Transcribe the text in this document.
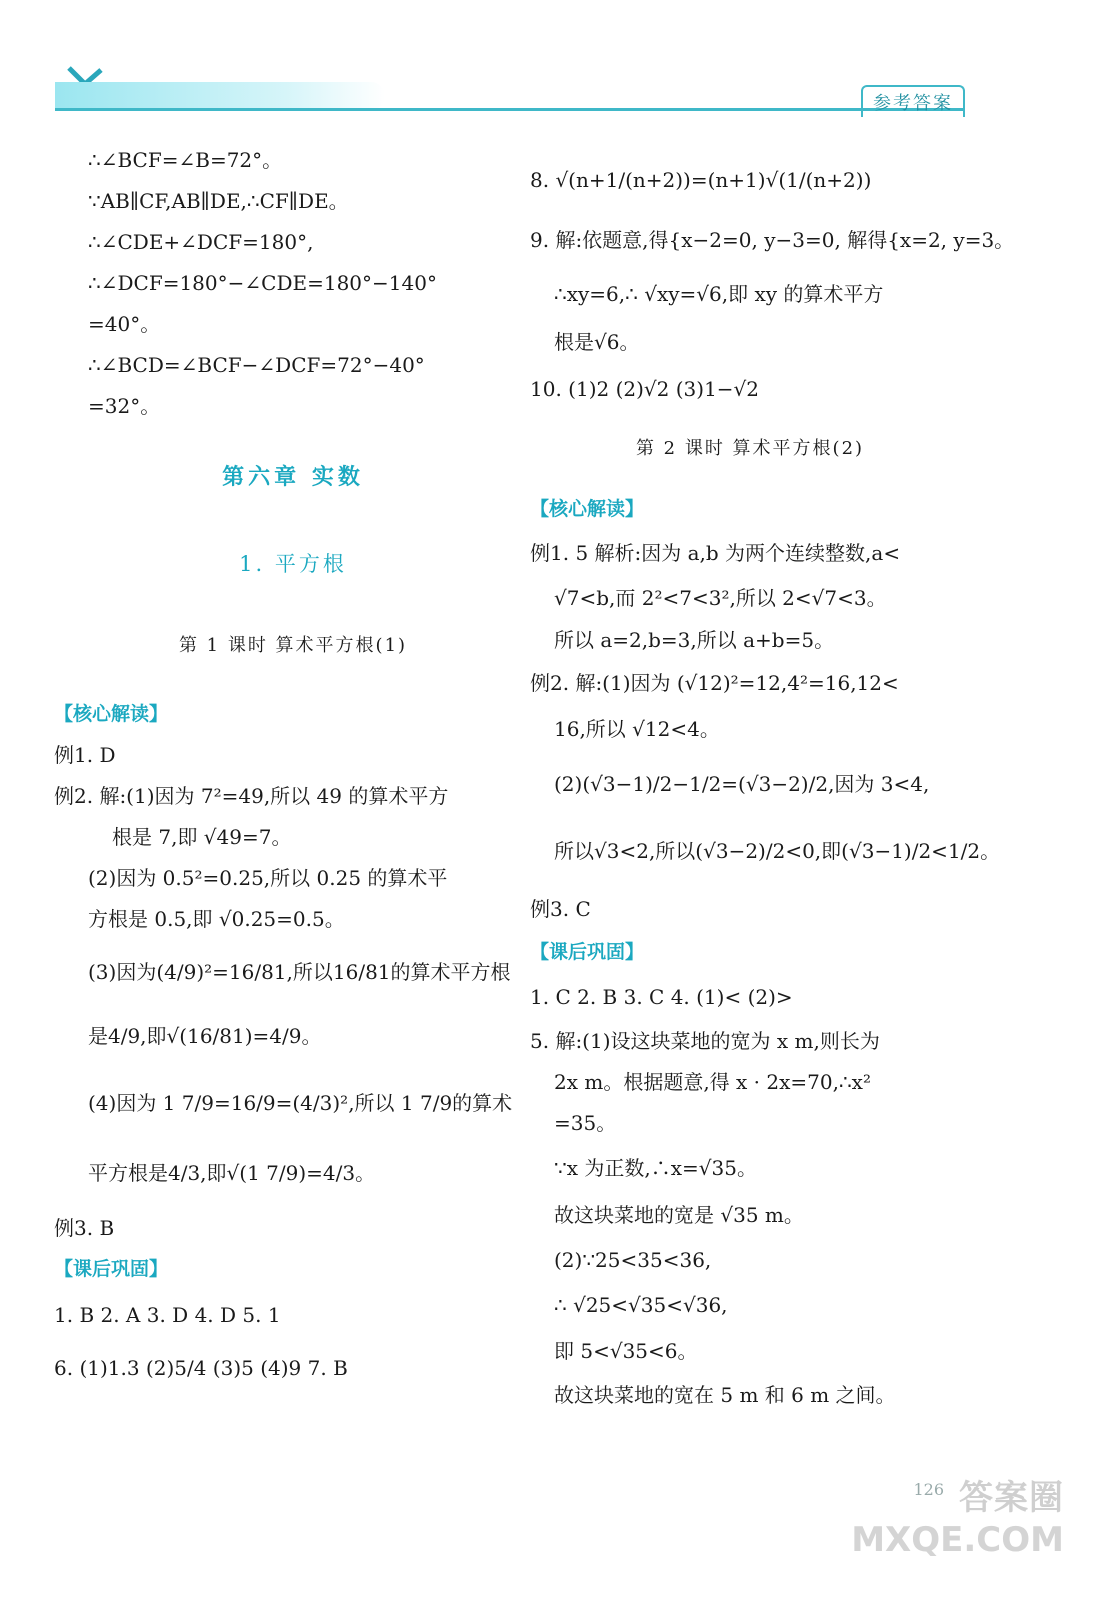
参考答案
∴∠BCF=∠B=72°。
∵AB∥CF,AB∥DE,∴CF∥DE。
∴∠CDE+∠DCF=180°,
∴∠DCF=180°−∠CDE=180°−140°
=40°。
∴∠BCD=∠BCF−∠DCF=72°−40°
=32°。
第六章 实数
1. 平方根
第 1 课时 算术平方根(1)
【核心解读】
例1. D
例2. 解:(1)因为 7²=49,所以 49 的算术平方
根是 7,即 √49=7。
(2)因为 0.5²=0.25,所以 0.25 的算术平
方根是 0.5,即 √0.25=0.5。
(3)因为(4/9)²=16/81,所以16/81的算术平方根
是4/9,即√(16/81)=4/9。
(4)因为 1 7/9=16/9=(4/3)²,所以 1 7/9的算术
平方根是4/3,即√(1 7/9)=4/3。
例3. B
【课后巩固】
1. B 2. A 3. D 4. D 5. 1
6. (1)1.3 (2)5/4 (3)5 (4)9 7. B
8. √(n+1/(n+2))=(n+1)√(1/(n+2))
9. 解:依题意,得{x−2=0, y−3=0, 解得{x=2, y=3。
∴xy=6,∴ √xy=√6,即 xy 的算术平方
根是√6。
10. (1)2 (2)√2 (3)1−√2
第 2 课时 算术平方根(2)
【核心解读】
例1. 5 解析:因为 a,b 为两个连续整数,a<
√7<b,而 2²<7<3²,所以 2<√7<3。
所以 a=2,b=3,所以 a+b=5。
例2. 解:(1)因为 (√12)²=12,4²=16,12<
16,所以 √12<4。
(2)(√3−1)/2−1/2=(√3−2)/2,因为 3<4,
所以√3<2,所以(√3−2)/2<0,即(√3−1)/2<1/2。
例3. C
【课后巩固】
1. C 2. B 3. C 4. (1)< (2)>
5. 解:(1)设这块菜地的宽为 x m,则长为
2x m。根据题意,得 x · 2x=70,∴x²
=35。
∵x 为正数,∴x=√35。
故这块菜地的宽是 √35 m。
(2)∵25<35<36,
∴ √25<√35<√36,
即 5<√35<6。
故这块菜地的宽在 5 m 和 6 m 之间。
126 答案圈
MXQE.COM
